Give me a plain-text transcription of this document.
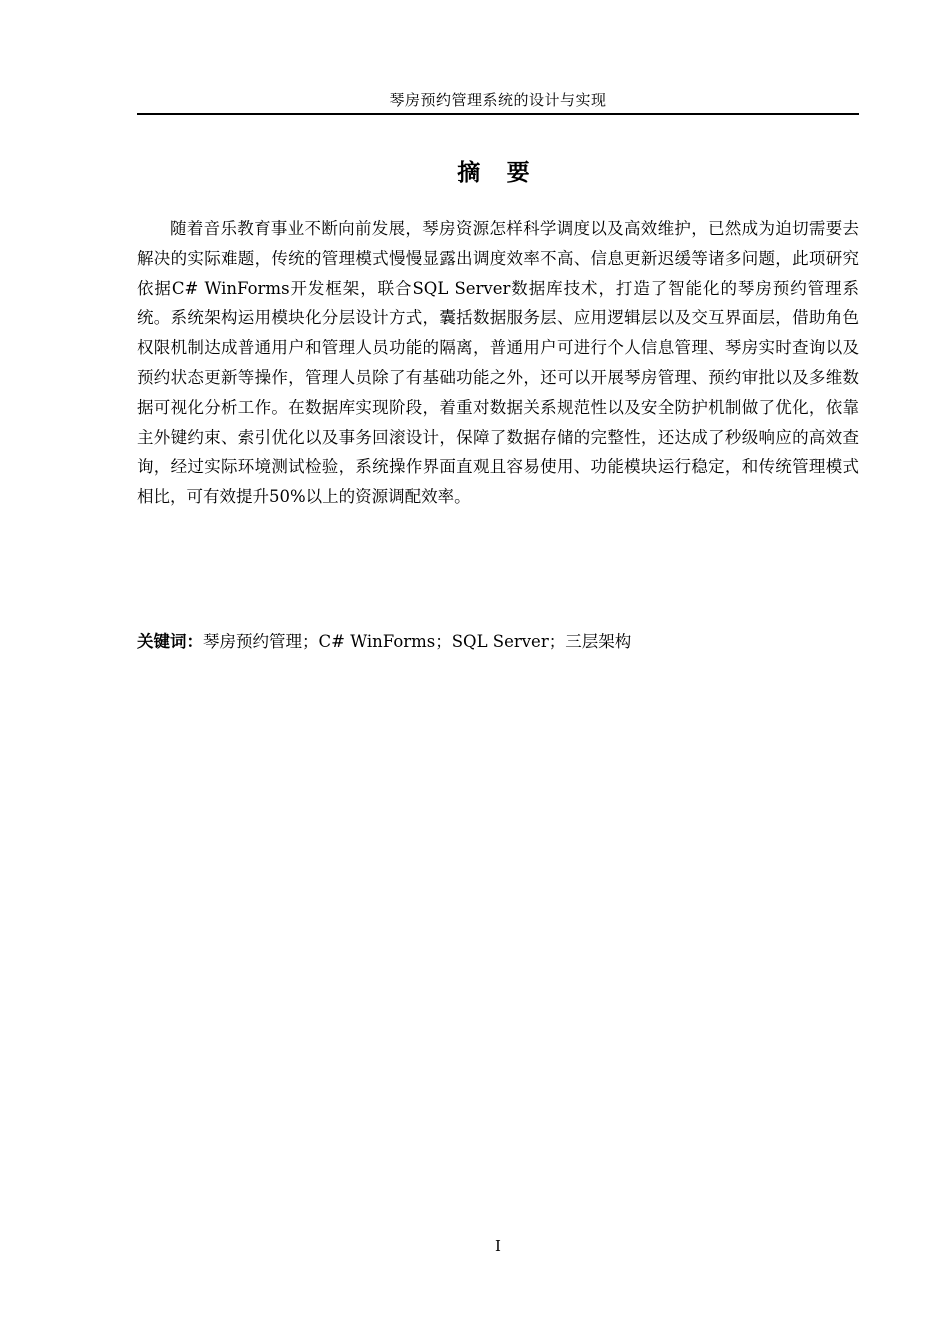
琴房预约管理系统的设计与实现
摘 要

随着音乐教育事业不断向前发展，琴房资源怎样科学调度以及高效维护，已然成为迫切需要去解决的实际难题，传统的管理模式慢慢显露出调度效率不高、信息更新迟缓等诸多问题，此项研究依据C# WinForms开发框架，联合SQL Server数据库技术，打造了智能化的琴房预约管理系统。系统架构运用模块化分层设计方式，囊括数据服务层、应用逻辑层以及交互界面层，借助角色权限机制达成普通用户和管理人员功能的隔离，普通用户可进行个人信息管理、琴房实时查询以及预约状态更新等操作，管理人员除了有基础功能之外，还可以开展琴房管理、预约审批以及多维数据可视化分析工作。在数据库实现阶段，着重对数据关系规范性以及安全防护机制做了优化，依靠主外键约束、索引优化以及事务回滚设计，保障了数据存储的完整性，还达成了秒级响应的高效查询，经过实际环境测试检验，系统操作界面直观且容易使用、功能模块运行稳定，和传统管理模式相比，可有效提升50%以上的资源调配效率。

关键词：琴房预约管理；C# WinForms；SQL Server；三层架构
I
